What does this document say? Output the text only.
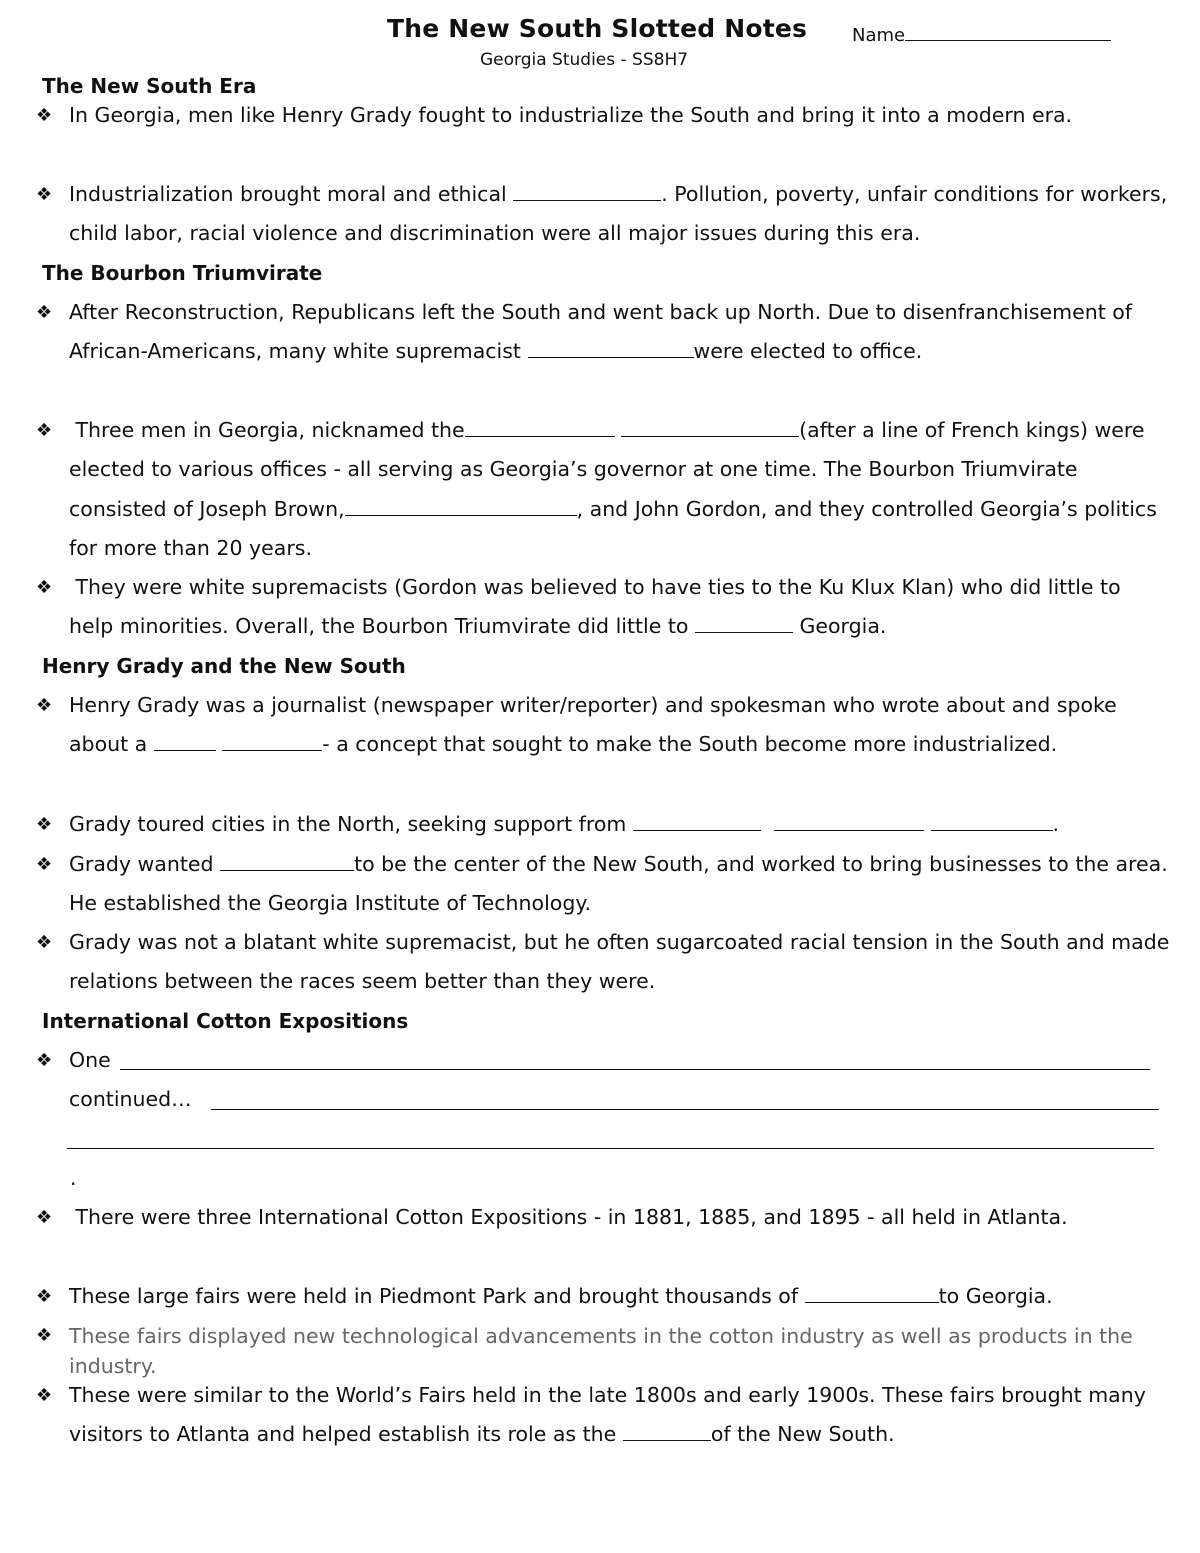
The New South Slotted Notes Name
Georgia Studies - SS8H7
The New South Era
❖ In Georgia, men like Henry Grady fought to industrialize the South and bring it into a modern era.
❖ Industrialization brought moral and ethical	. Pollution, poverty, unfair conditions for workers, child labor, racial violence and discrimination were all major issues during this era.
The Bourbon Triumvirate
❖ After Reconstruction, Republicans left the South and went back up North. Due to disenfranchisement of African-Americans, many white supremacist	were elected to office.
❖	Three men in Georgia, nicknamed the	(after a line of French kings) were elected to various offices - all serving as Georgia’s governor at one time. The Bourbon Triumvirate consisted of Joseph Brown,	, and John Gordon, and they controlled Georgia’s politics for more than 20 years.
❖	They were white supremacists (Gordon was believed to have ties to the Ku Klux Klan) who did little to help minorities. Overall, the Bourbon Triumvirate did little to	Georgia.
Henry Grady and the New South
❖ Henry Grady was a journalist (newspaper writer/reporter) and spokesman who wrote about and spoke about a	- a concept that sought to make the South become more industrialized.
❖ Grady toured cities in the North, seeking support from	.
❖ Grady wanted	to be the center of the New South, and worked to bring businesses to the area. He established the Georgia Institute of Technology.
❖ Grady was not a blatant white supremacist, but he often sugarcoated racial tension in the South and made relations between the races seem better than they were.
International Cotton Expositions
❖ One
continued…
.
❖	There were three International Cotton Expositions - in 1881, 1885, and 1895 - all held in Atlanta.
❖ These large fairs were held in Piedmont Park and brought thousands of	to Georgia.
❖ These fairs displayed new technological advancements in the cotton industry as well as products in the industry.
❖ These were similar to the World’s Fairs held in the late 1800s and early 1900s. These fairs brought many visitors to Atlanta and helped establish its role as the	of the New South.
